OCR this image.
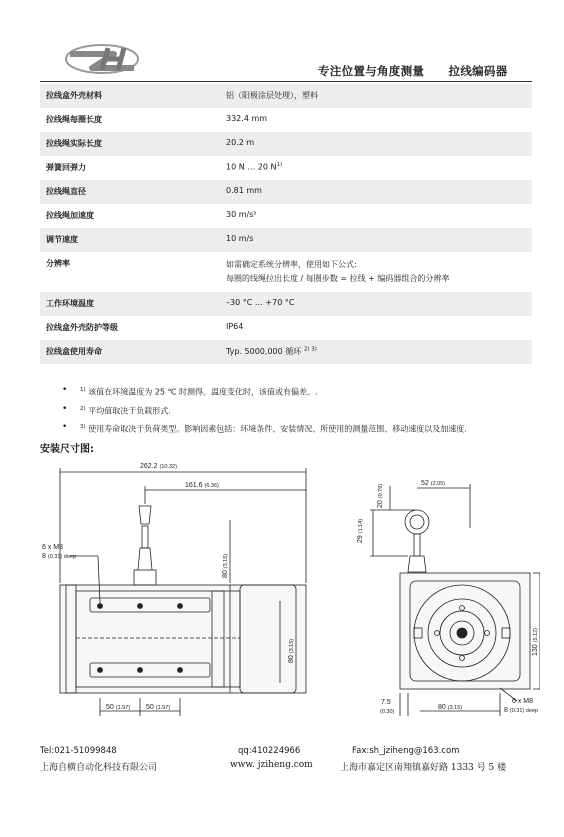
专注位置与角度测量 拉线编码器
拉线盒外壳材料	铝（阳极涂层处理），塑料
拉线绳每圈长度	332.4 mm
拉线绳实际长度	20.2 m
弹簧回弹力	10 N … 20 $N^{1)}$
拉线绳直径	0.81 mm
拉线绳加速度	30 m/s²
调节速度	10 m/s
分辨率	如需确定系统分辨率，使用如下公式:
每圈的线绳拉出长度 / 每圈步数 = 拉线 + 编码器组合的分辨率
工作环境温度	–30 °C … +70 °C
拉线盒外壳防护等级	IP64
拉线盒使用寿命	Typ. 5000,000 循环 $^{2) 3)}$
• $^{1)}$ 该值在环境温度为 25 ℃ 时测得。温度变化时，该值或有偏差。.
• $^{2)}$ 平均值取决于负载形式.
• $^{3)}$ 使用寿命取决于负荷类型。影响因素包括：环境条件、安装情况、所使用的测量范围、移动速度以及加速度.
安装尺寸图:
262.2 (10.32)
161.6 (6.36)
6 x M8
8 (0.31) deep
80 (3.15)
80 (3.15)
50 (1.97) 50 (1.97)
52 (2.05)
20 (0.79)
29 (1.14)
130 (5.12)
7.5
(0.30)
80 (3.15)
6 x M8
8 (0.31) deep
Tel:021-51099848	qq:410224966	Fax:sh_jziheng@163.com
上海自横自动化科技有限公司	www. jziheng.com	上海市嘉定区南翔镇嘉好路 1333 号 5 楼
